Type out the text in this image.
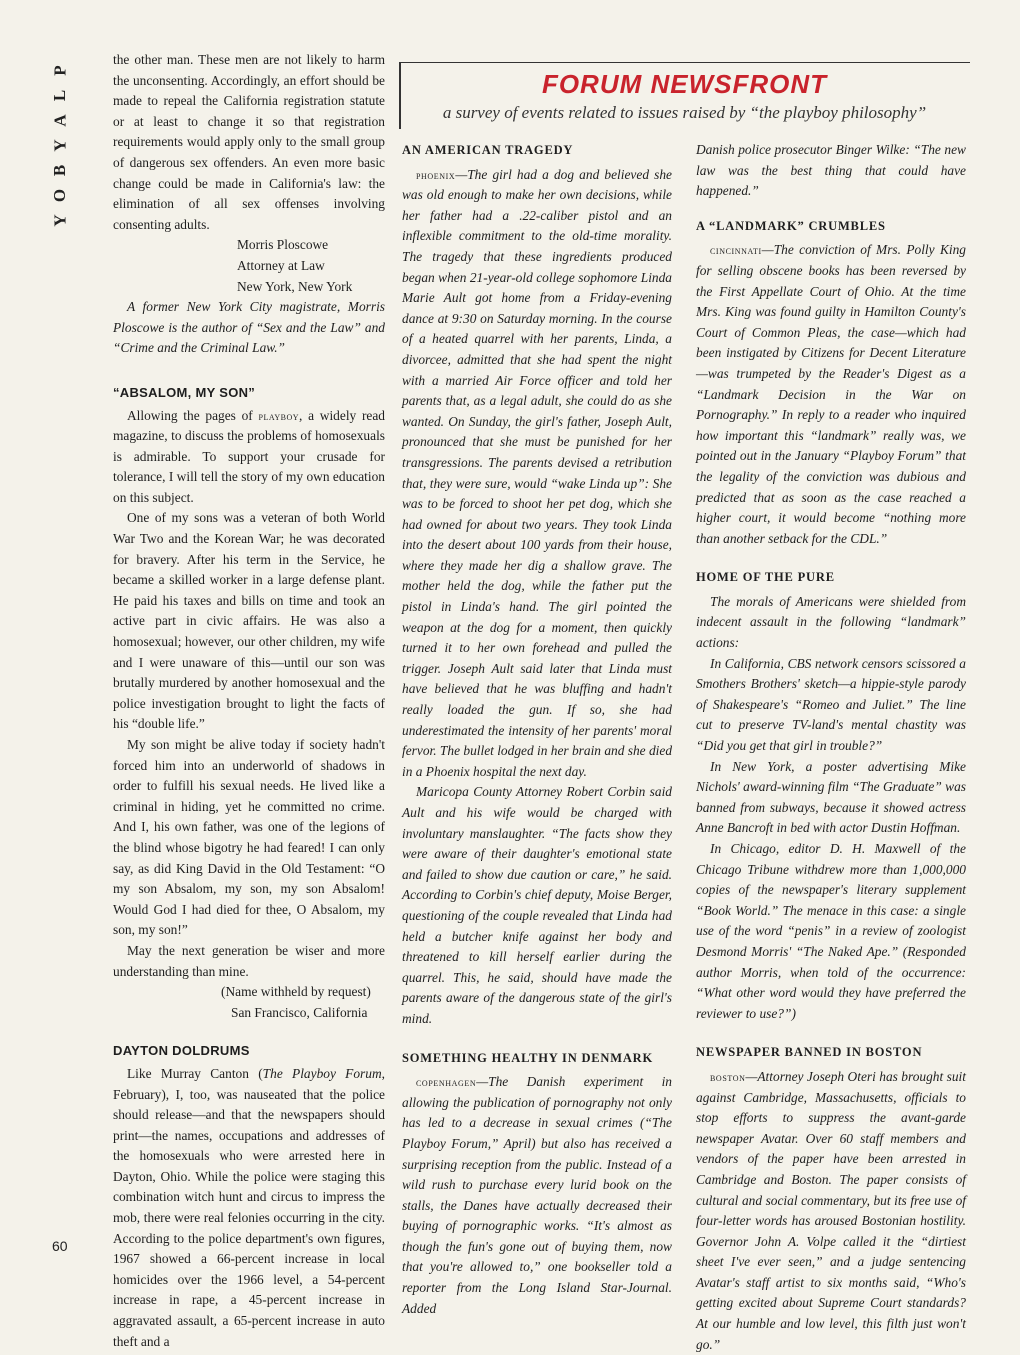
P
L
A
Y
B
O
Y
60
FORUM NEWSFRONT
a survey of events related to issues raised by “the playboy philosophy”

the other man. These men are not likely to harm the unconsenting. Accordingly, an effort should be made to repeal the California registration statute or at least to change it so that registration requirements would apply only to the small group of dangerous sex offenders. An even more basic change could be made in California's law: the elimination of all sex offenses involving consenting adults.

Morris Ploscowe

Attorney at Law

New York, New York

A former New York City magistrate, Morris Ploscowe is the author of “Sex and the Law” and “Crime and the Criminal Law.”

“ABSALOM, MY SON”

Allowing the pages of playboy, a widely read magazine, to discuss the problems of homosexuals is admirable. To support your crusade for tolerance, I will tell the story of my own education on this subject.

One of my sons was a veteran of both World War Two and the Korean War; he was decorated for bravery. After his term in the Service, he became a skilled worker in a large defense plant. He paid his taxes and bills on time and took an active part in civic affairs. He was also a homosexual; however, our other children, my wife and I were unaware of this—until our son was brutally murdered by another homosexual and the police investigation brought to light the facts of his “double life.”

My son might be alive today if society hadn't forced him into an underworld of shadows in order to fulfill his sexual needs. He lived like a criminal in hiding, yet he committed no crime. And I, his own father, was one of the legions of the blind whose bigotry he had feared! I can only say, as did King David in the Old Testament: “O my son Absalom, my son, my son Absalom! Would God I had died for thee, O Absalom, my son, my son!”

May the next generation be wiser and more understanding than mine.

(Name withheld by request)

San Francisco, California

DAYTON DOLDRUMS

Like Murray Canton (The Playboy Forum, February), I, too, was nauseated that the police should release—and that the newspapers should print—the names, occupations and addresses of the homosexuals who were arrested here in Dayton, Ohio. While the police were staging this combination witch hunt and circus to impress the mob, there were real felonies occurring in the city. According to the police department's own figures, 1967 showed a 66-percent increase in local homicides over the 1966 level, a 54-percent increase in rape, a 45-percent increase in aggravated assault, a 65-percent increase in auto theft and a

AN AMERICAN TRAGEDY

phoenix—The girl had a dog and believed she was old enough to make her own decisions, while her father had a .22-caliber pistol and an inflexible commitment to the old-time morality. The tragedy that these ingredients produced began when 21-year-old college sophomore Linda Marie Ault got home from a Friday-evening dance at 9:30 on Saturday morning. In the course of a heated quarrel with her parents, Linda, a divorcee, admitted that she had spent the night with a married Air Force officer and told her parents that, as a legal adult, she could do as she wanted. On Sunday, the girl's father, Joseph Ault, pronounced that she must be punished for her transgressions. The parents devised a retribution that, they were sure, would “wake Linda up”: She was to be forced to shoot her pet dog, which she had owned for about two years. They took Linda into the desert about 100 yards from their house, where they made her dig a shallow grave. The mother held the dog, while the father put the pistol in Linda's hand. The girl pointed the weapon at the dog for a moment, then quickly turned it to her own forehead and pulled the trigger. Joseph Ault said later that Linda must have believed that he was bluffing and hadn't really loaded the gun. If so, she had underestimated the intensity of her parents' moral fervor. The bullet lodged in her brain and she died in a Phoenix hospital the next day.

Maricopa County Attorney Robert Corbin said Ault and his wife would be charged with involuntary manslaughter. “The facts show they were aware of their daughter's emotional state and failed to show due caution or care,” he said. According to Corbin's chief deputy, Moise Berger, questioning of the couple revealed that Linda had held a butcher knife against her body and threatened to kill herself earlier during the quarrel. This, he said, should have made the parents aware of the dangerous state of the girl's mind.

SOMETHING HEALTHY IN DENMARK

copenhagen—The Danish experiment in allowing the publication of pornography not only has led to a decrease in sexual crimes (“The Playboy Forum,” April) but also has received a surprising reception from the public. Instead of a wild rush to purchase every lurid book on the stalls, the Danes have actually decreased their buying of pornographic works. “It's almost as though the fun's gone out of buying them, now that you're allowed to,” one bookseller told a reporter from the Long Island Star-Journal. Added

Danish police prosecutor Binger Wilke: “The new law was the best thing that could have happened.”

A “LANDMARK” CRUMBLES

cincinnati—The conviction of Mrs. Polly King for selling obscene books has been reversed by the First Appellate Court of Ohio. At the time Mrs. King was found guilty in Hamilton County's Court of Common Pleas, the case—which had been instigated by Citizens for Decent Literature—was trumpeted by the Reader's Digest as a “Landmark Decision in the War on Pornography.” In reply to a reader who inquired how important this “landmark” really was, we pointed out in the January “Playboy Forum” that the legality of the conviction was dubious and predicted that as soon as the case reached a higher court, it would become “nothing more than another setback for the CDL.”

HOME OF THE PURE

The morals of Americans were shielded from indecent assault in the following “landmark” actions:

In California, CBS network censors scissored a Smothers Brothers' sketch—a hippie-style parody of Shakespeare's “Romeo and Juliet.” The line cut to preserve TV-land's mental chastity was “Did you get that girl in trouble?”

In New York, a poster advertising Mike Nichols' award-winning film “The Graduate” was banned from subways, because it showed actress Anne Bancroft in bed with actor Dustin Hoffman.

In Chicago, editor D. H. Maxwell of the Chicago Tribune withdrew more than 1,000,000 copies of the newspaper's literary supplement “Book World.” The menace in this case: a single use of the word “penis” in a review of zoologist Desmond Morris' “The Naked Ape.” (Responded author Morris, when told of the occurrence: “What other word would they have preferred the reviewer to use?”)

NEWSPAPER BANNED IN BOSTON

boston—Attorney Joseph Oteri has brought suit against Cambridge, Massachusetts, officials to stop efforts to suppress the avant-garde newspaper Avatar. Over 60 staff members and vendors of the paper have been arrested in Cambridge and Boston. The paper consists of cultural and social commentary, but its free use of four-letter words has aroused Bostonian hostility. Governor John A. Volpe called it the “dirtiest sheet I've ever seen,” and a judge sentencing Avatar's staff artist to six months said, “Who's getting excited about Supreme Court standards? At our humble and low level, this filth just won't go.”
